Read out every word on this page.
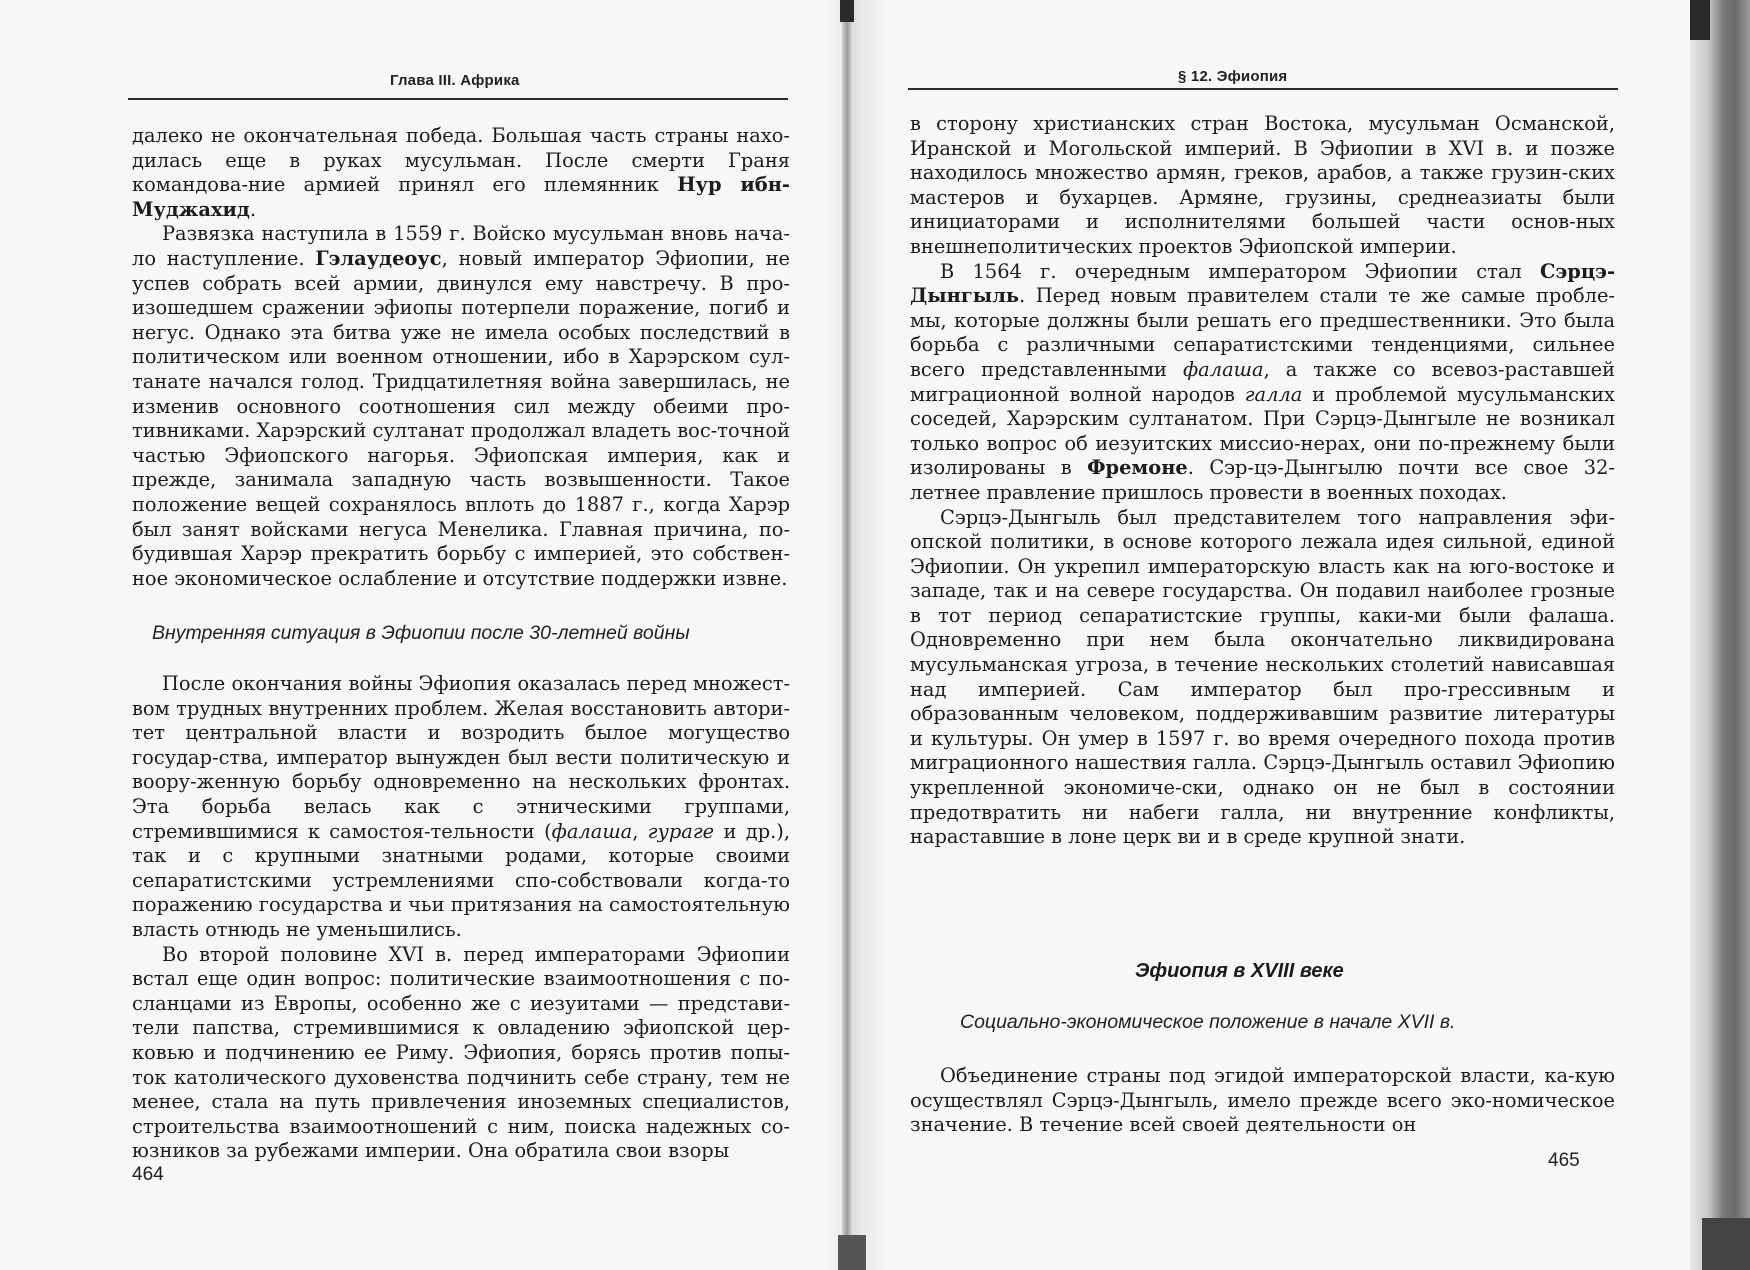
Глава III. Африка

далеко не окончательная победа. Большая часть страны нахо-дилась еще в руках мусульман. После смерти Граня командова-ние армией принял его племянник Нур ибн-Муджахид.

Развязка наступила в 1559 г. Войско мусульман вновь нача-ло наступление. Гэлаудеоус, новый император Эфиопии, не успев собрать всей армии, двинулся ему навстречу. В про-изошедшем сражении эфиопы потерпели поражение, погиб и негус. Однако эта битва уже не имела особых последствий в политическом или военном отношении, ибо в Харэрском сул-танате начался голод. Тридцатилетняя война завершилась, не изменив основного соотношения сил между обеими про-тивниками. Харэрский султанат продолжал владеть вос-точной частью Эфиопского нагорья. Эфиопская империя, как и прежде, занимала западную часть возвышенности. Такое положение вещей сохранялось вплоть до 1887 г., когда Харэр был занят войсками негуса Менелика. Главная причина, по-будившая Харэр прекратить борьбу с империей, это собствен-ное экономическое ослабление и отсутствие поддержки извне.

Внутренняя ситуация в Эфиопии после 30-летней войны

После окончания войны Эфиопия оказалась перед множест-вом трудных внутренних проблем. Желая восстановить автори-тет центральной власти и возродить былое могущество государ-ства, император вынужден был вести политическую и воору-женную борьбу одновременно на нескольких фронтах. Эта борьба велась как с этническими группами, стремившимися к самостоя-тельности (фалаша, гураге и др.), так и с крупными знатными родами, которые своими сепаратистскими устремлениями спо-собствовали когда-то поражению государства и чьи притязания на самостоятельную власть отнюдь не уменьшились.

Во второй половине XVI в. перед императорами Эфиопии встал еще один вопрос: политические взаимоотношения с по-сланцами из Европы, особенно же с иезуитами — представи-тели папства, стремившимися к овладению эфиопской цер-ковью и подчинению ее Риму. Эфиопия, борясь против попы-ток католического духовенства подчинить себе страну, тем не менее, стала на путь привлечения иноземных специалистов, строительства взаимоотношений с ним, поиска надежных со-юзников за рубежами империи. Она обратила свои взоры

464
§ 12. Эфиопия

в сторону христианских стран Востока, мусульман Османской, Иранской и Могольской империй. В Эфиопии в XVI в. и позже находилось множество армян, греков, арабов, а также грузин-ских мастеров и бухарцев. Армяне, грузины, среднеазиаты были инициаторами и исполнителями большей части основ-ных внешнеполитических проектов Эфиопской империи.

В 1564 г. очередным императором Эфиопии стал Сэрцэ-Дынгыль. Перед новым правителем стали те же самые пробле-мы, которые должны были решать его предшественники. Это была борьба с различными сепаратистскими тенденциями, сильнее всего представленными фалаша, а также со всевоз-раставшей миграционной волной народов галла и проблемой мусульманских соседей, Харэрским султанатом. При Сэрцэ-Дынгыле не возникал только вопрос об иезуитских миссио-нерах, они по-прежнему были изолированы в Фремоне. Сэр-цэ-Дынгылю почти все свое 32-летнее правление пришлось провести в военных походах.

Сэрцэ-Дынгыль был представителем того направления эфи-опской политики, в основе которого лежала идея сильной, единой Эфиопии. Он укрепил императорскую власть как на юго-востоке и западе, так и на севере государства. Он подавил наиболее грозные в тот период сепаратистские группы, каки-ми были фалаша. Одновременно при нем была окончательно ликвидирована мусульманская угроза, в течение нескольких столетий нависавшая над империей. Сам император был про-грессивным и образованным человеком, поддерживавшим развитие литературы и культуры. Он умер в 1597 г. во время очередного похода против миграционного нашествия галла. Сэрцэ-Дынгыль оставил Эфиопию укрепленной экономиче-ски, однако он не был в состоянии предотвратить ни набеги галла, ни внутренние конфликты, нараставшие в лоне церк ви и в среде крупной знати.

Эфиопия в XVIII веке
Социально-экономическое положение в начале XVII в.

Объединение страны под эгидой императорской власти, ка-кую осуществлял Сэрцэ-Дынгыль, имело прежде всего эко-номическое значение. В течение всей своей деятельности он

465
